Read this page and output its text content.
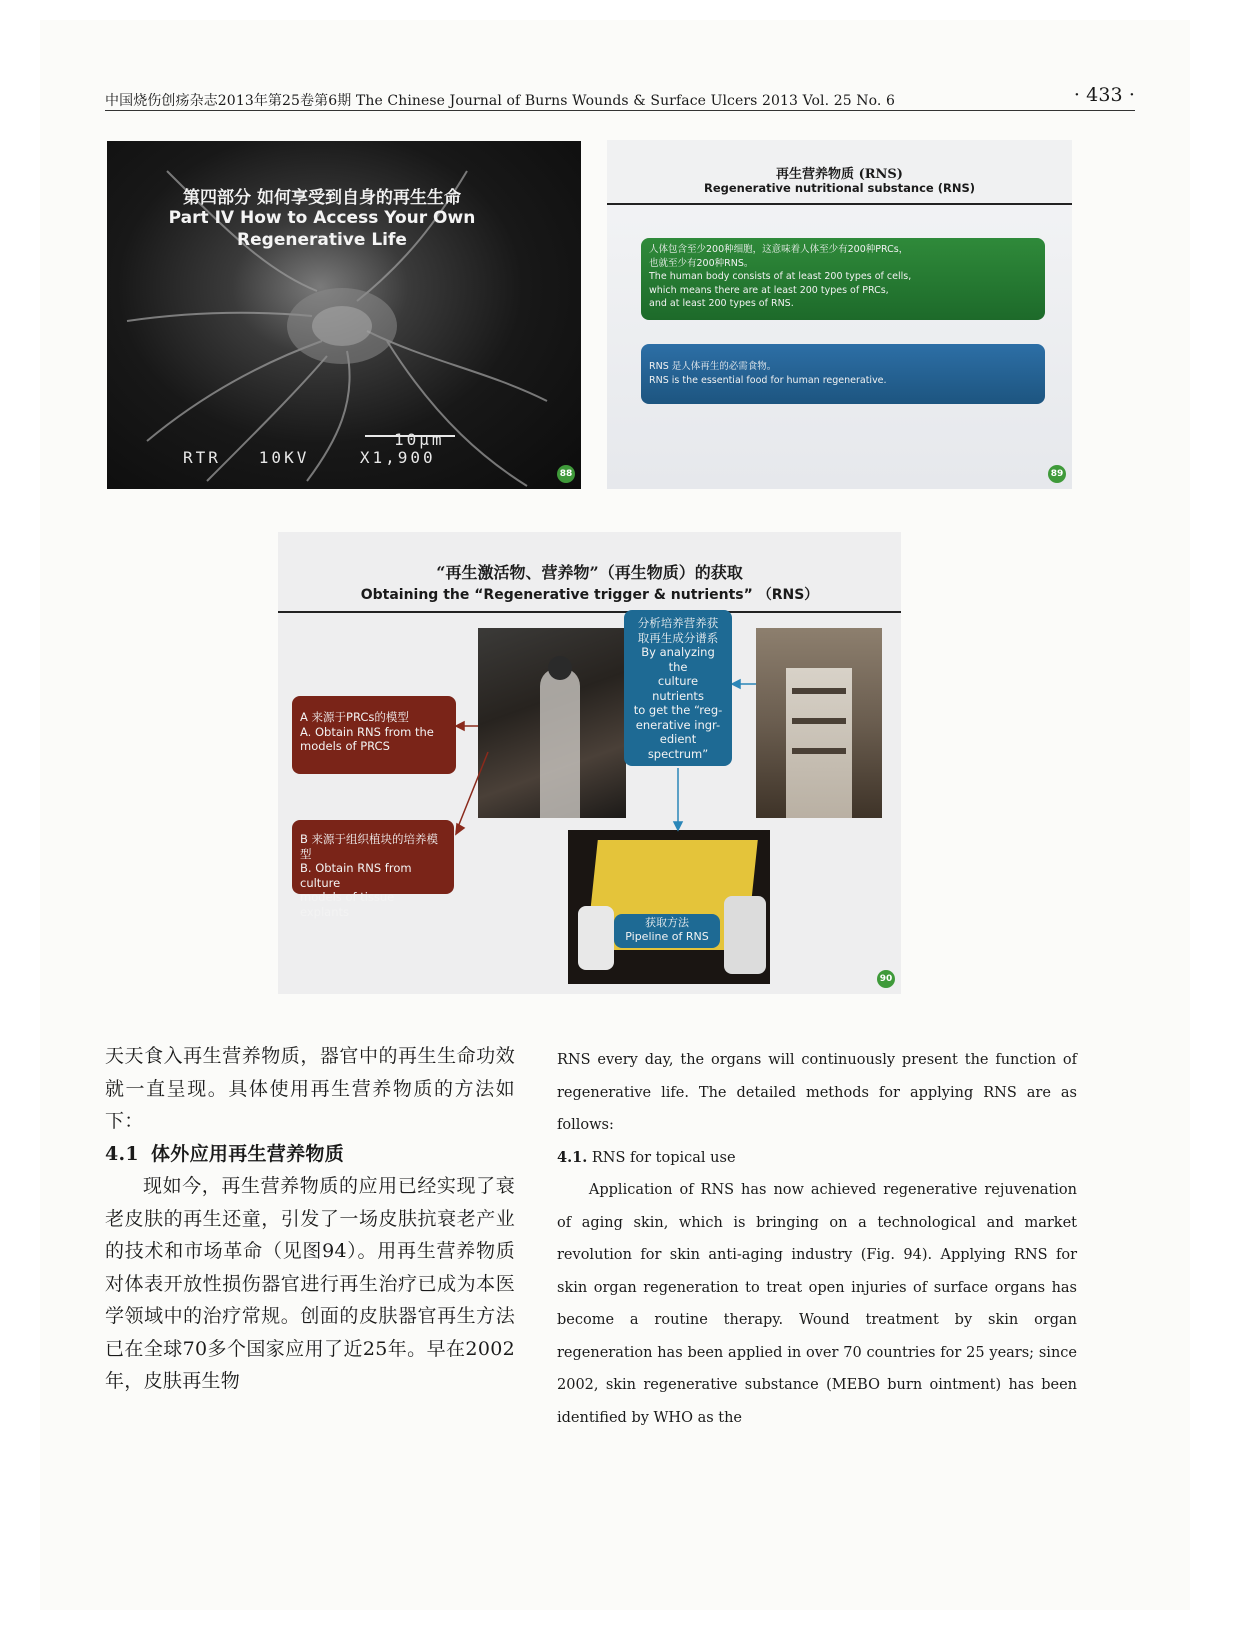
中国烧伤创疡杂志2013年第25卷第6期 The Chinese Journal of Burns Wounds & Surface Ulcers 2013 Vol. 25 No. 6	· 433 ·
第四部分 如何享受到自身的再生生命
Part IV How to Access Your Own
Regenerative Life
10μm
RTR   10KV    X1,900
88
再生营养物质 (RNS)
Regenerative nutritional substance (RNS)
人体包含至少200种细胞，这意味着人体至少有200种PRCs，
也就至少有200种RNS。
The human body consists of at least 200 types of cells,
which means there are at least 200 types of PRCs,
and at least 200 types of RNS.
RNS 是人体再生的必需食物。
RNS is the essential food for human regenerative.
89
“再生激活物、营养物”（再生物质）的获取
Obtaining the “Regenerative trigger & nutrients” （RNS）
A 来源于PRCs的模型
A. Obtain RNS from the
models of PRCS
B 来源于组织植块的培养模型
B. Obtain RNS from culture
models of tissue explants
分析培养营养获
取再生成分谱系
By analyzing the
culture nutrients
to get the “reg-
enerative ingr-
edient spectrum”
获取方法
Pipeline of RNS
90

天天食入再生营养物质，器官中的再生生命功效就一直呈现。具体使用再生营养物质的方法如下：

4.1 体外应用再生营养物质

现如今，再生营养物质的应用已经实现了衰老皮肤的再生还童，引发了一场皮肤抗衰老产业的技术和市场革命（见图94）。用再生营养物质对体表开放性损伤器官进行再生治疗已成为本医学领域中的治疗常规。创面的皮肤器官再生方法已在全球70多个国家应用了近25年。早在2002年，皮肤再生物

RNS every day, the organs will continuously present the function of regenerative life. The detailed methods for applying RNS are as follows:

4.1. RNS for topical use

Application of RNS has now achieved regenerative rejuvenation of aging skin, which is bringing on a technological and market revolution for skin anti-aging industry (Fig. 94). Applying RNS for skin organ regeneration to treat open injuries of surface organs has become a routine therapy. Wound treatment by skin organ regeneration has been applied in over 70 countries for 25 years; since 2002, skin regenerative substance (MEBO burn ointment) has been identified by WHO as the
